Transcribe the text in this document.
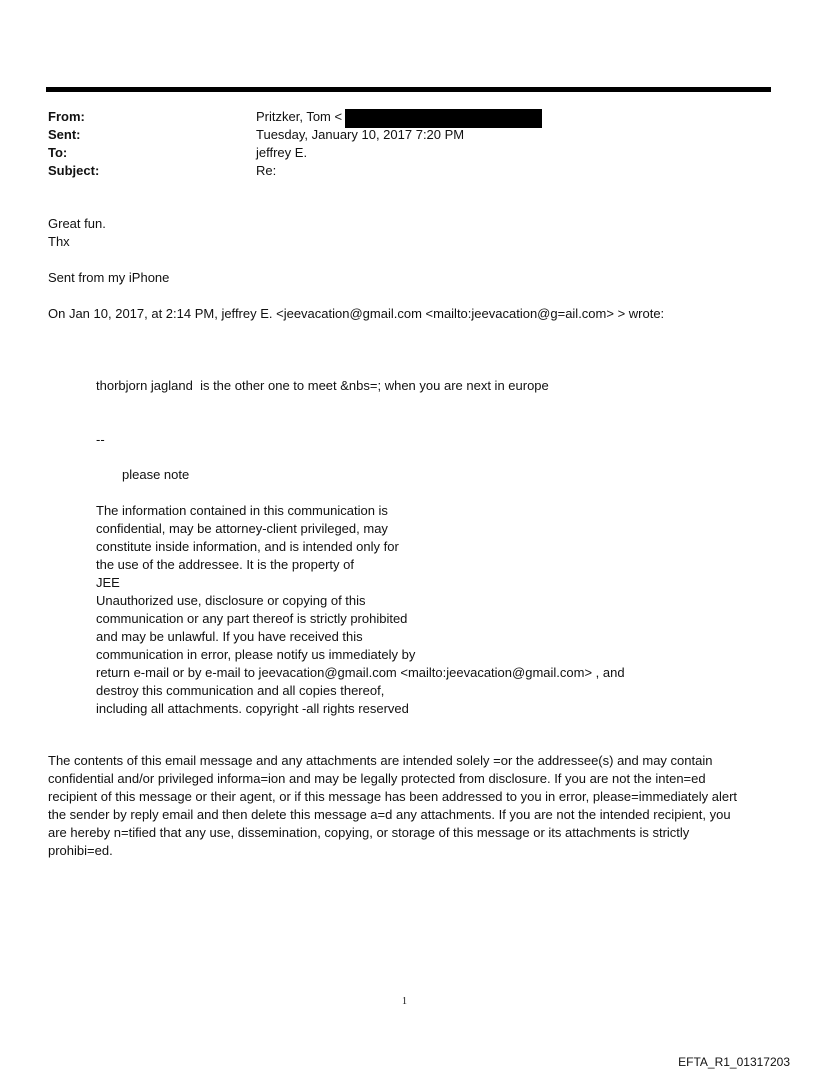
From:	Pritzker, Tom <
Sent:	Tuesday, January 10, 2017 7:20 PM
To:	jeffrey E.
Subject:	Re:
Great fun.
Thx
Sent from my iPhone
On Jan 10, 2017, at 2:14 PM, jeffrey E. <jeevacation@gmail.com <mailto:jeevacation@g=ail.com> > wrote:
thorbjorn jagland  is the other one to meet &nbs=; when you are next in europe
--
please note
The information contained in this communication is
confidential, may be attorney-client privileged, may
constitute inside information, and is intended only for
the use of the addressee. It is the property of
JEE
Unauthorized use, disclosure or copying of this
communication or any part thereof is strictly prohibited
and may be unlawful. If you have received this
communication in error, please notify us immediately by
return e-mail or by e-mail to jeevacation@gmail.com <mailto:jeevacation@gmail.com> , and
destroy this communication and all copies thereof,
including all attachments. copyright -all rights reserved
The contents of this email message and any attachments are intended solely =or the addressee(s) and may contain
confidential and/or privileged informa=ion and may be legally protected from disclosure. If you are not the inten=ed
recipient of this message or their agent, or if this message has been addressed to you in error, please=immediately alert
the sender by reply email and then delete this message a=d any attachments. If you are not the intended recipient, you
are hereby n=tified that any use, dissemination, copying, or storage of this message or its attachments is strictly
prohibi=ed.
1
EFTA_R1_01317203
